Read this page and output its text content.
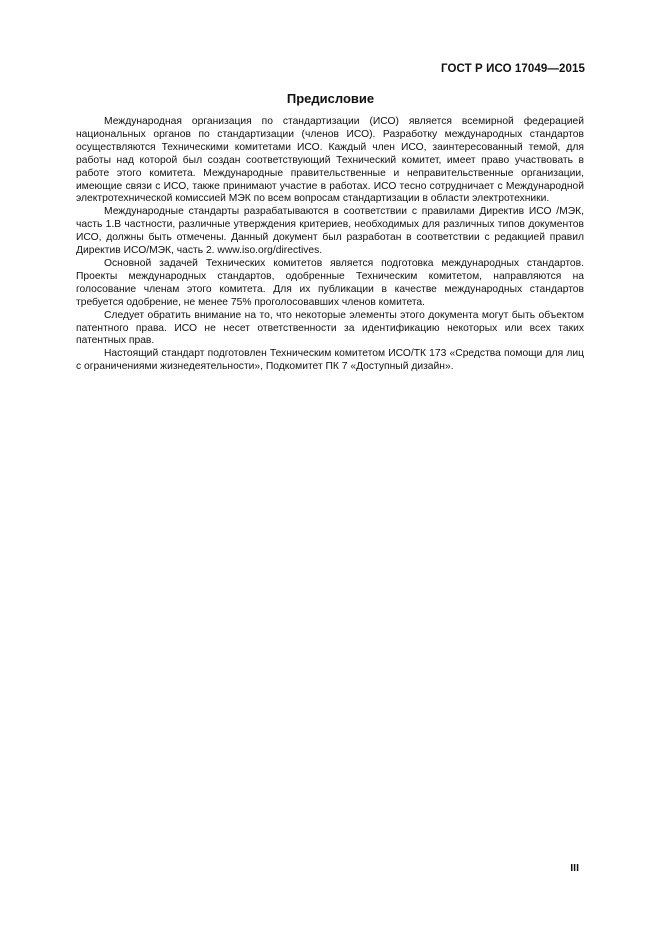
ГОСТ Р ИСО 17049—2015
Предисловие

Международная организация по стандартизации (ИСО) является всемирной федерацией национальных органов по стандартизации (членов ИСО). Разработку международных стандартов осуществляются Техническими комитетами ИСО. Каждый член ИСО, заинтересованный темой, для работы над которой был создан соответствующий Технический комитет, имеет право участвовать в работе этого комитета. Международные правительственные и неправительственные организации, имеющие связи с ИСО, также принимают участие в работах. ИСО тесно сотрудничает с Международной электротехнической комиссией МЭК по всем вопросам стандартизации в области электротехники.

Международные стандарты разрабатываются в соответствии с правилами Директив ИСО /МЭК, часть 1.В частности, различные утверждения критериев, необходимых для различных типов документов ИСО, должны быть отмечены. Данный документ был разработан в соответствии с редакцией правил Директив ИСО/МЭК, часть 2. www.iso.org/directives.

Основной задачей Технических комитетов является подготовка международных стандартов. Проекты международных стандартов, одобренные Техническим комитетом, направляются на голосование членам этого комитета. Для их публикации в качестве международных стандартов требуется одобрение, не менее 75% проголосовавших членов комитета.

Следует обратить внимание на то, что некоторые элементы этого документа могут быть объектом патентного права. ИСО не несет ответственности за идентификацию некоторых или всех таких патентных прав.

Настоящий стандарт подготовлен Техническим комитетом ИСО/ТК 173 «Средства помощи для лиц с ограничениями жизнедеятельности», Подкомитет ПК 7 «Доступный дизайн».

III
